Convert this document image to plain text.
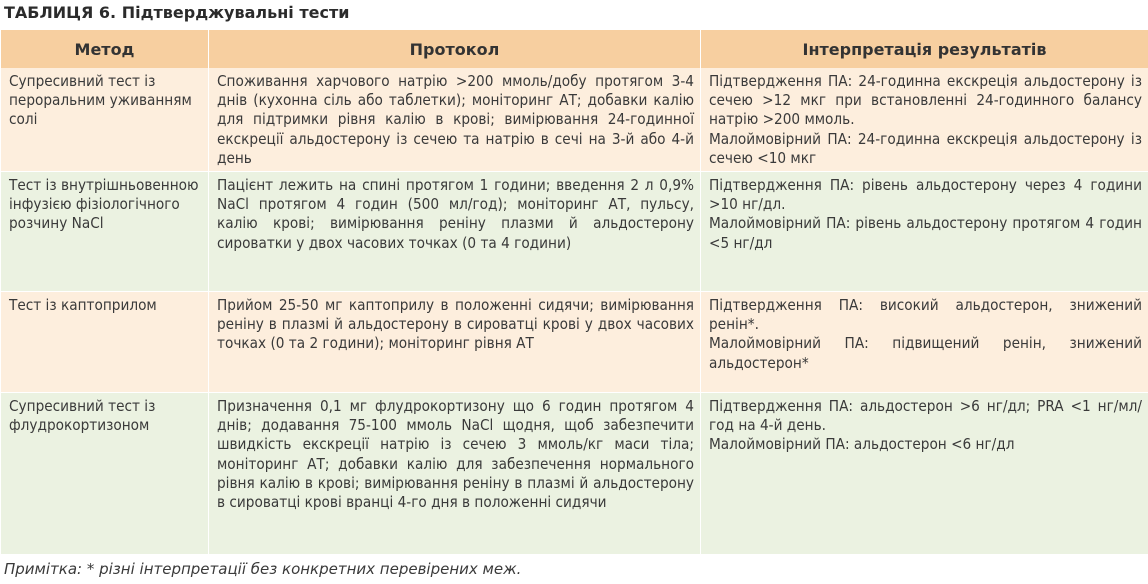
ТАБЛИЦЯ 6. Підтверджувальні тести
Метод	Протокол	Інтерпретація результатів
Супресивний тест із пероральним уживанням солі	Споживання харчового натрію >200 ммоль/добу протягом 3-4 днів (кухонна сіль або таблетки); моніторинг АТ; добавки калію для підтримки рівня калію в крові; вимірювання 24-годинної екскреції альдостерону із сечею та натрію в сечі на 3-й або 4-й день	Підтвердження ПА: 24-годинна екскреція альдостерону із сечею >12 мкг при встановленні 24-годинного балансу натрію >200 ммоль.
Малоймовірний ПА: 24-годинна екскреція альдостерону із сечею <10 мкг

Тест із внутрішньовенною інфузією фізіологічного розчину NaCl	Пацієнт лежить на спині протягом 1 години; введення 2 л 0,9% NaCl протягом 4 годин (500 мл/год); моніторинг АТ, пульсу, калію крові; вимірювання реніну плазми й альдостерону сироватки у двох часових точках (0 та 4 години)	Підтвердження ПА: рівень альдостерону через 4 години >10 нг/дл.
Малоймовірний ПА: рівень альдостерону протягом 4 годин <5 нг/дл

Тест із каптоприлом	Прийом 25-50 мг каптоприлу в положенні сидячи; вимірювання реніну в плазмі й альдостерону в сироватці крові у двох часових точках (0 та 2 години); моніторинг рівня АТ	Підтвердження ПА: високий альдостерон, знижений ренін*.
Малоймовірний ПА: підвищений ренін, знижений альдостерон*

Супресивний тест із флудрокортизоном	Призначення 0,1 мг флудрокортизону що 6 годин протягом 4 днів; додавання 75-100 ммоль NaCl щодня, щоб забезпечити швидкість екскреції натрію із сечею 3 ммоль/кг маси тіла; моніторинг АТ; добавки калію для забезпечення нормального рівня калію в крові; вимірювання реніну в плазмі й альдостерону в сироватці крові вранці 4-го дня в положенні сидячи	Підтвердження ПА: альдостерон >6 нг/дл; PRA <1 нг/мл/год на 4-й день.
Малоймовірний ПА: альдостерон <6 нг/дл
Примітка: * різні інтерпретації без конкретних перевірених меж.
